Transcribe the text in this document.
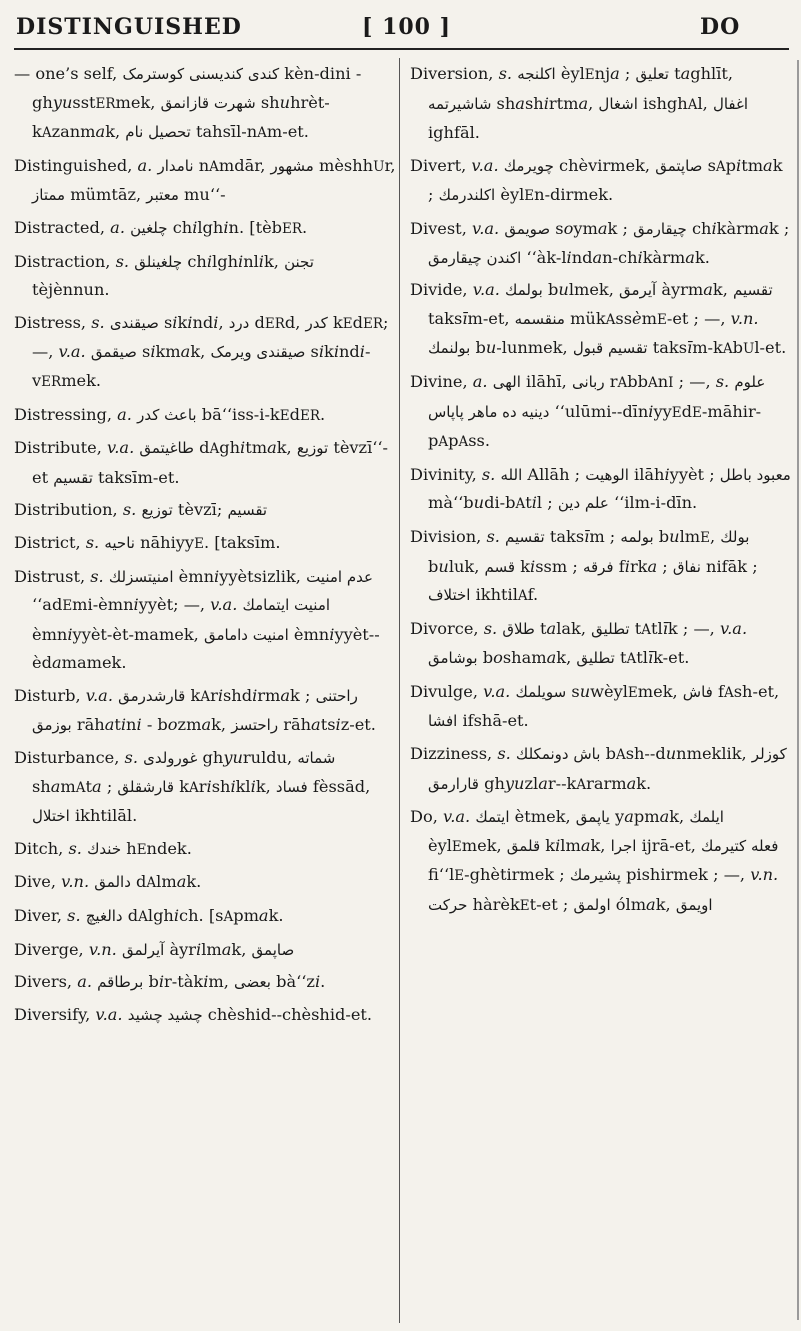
DISTINGUISHED	[ 100 ]	DO

— one’s self, کندی کندیسنی کوسترمک kèn-dini - ghyusstERmek, شهرت قازانمق shuhrèt-kAzanmak, تحصیل نام tahsīl-nAm-et.

Distinguished, a. نامدار nAmdār, مشهور mèshhUr, ممتاز mümtāz, معتبر mu‘‘-

Distracted, a. چلغین chilghin. [tèbER.

Distraction, s. چلغینلق chilghinlik, تجنن tèjènnun.

Distress, s. صیقندی sikindi, درد dERd, کدر kEdER; —, v.a. صیقمق sikmak, صیقندی ویرمک sikindi-vERmek.

Distressing, a. باعث کدر bā‘‘iss-i-kEdER.

Distribute, v.a. طاغیتمق dAghitmak, توزیع tèvzī‘‘-et تقسیم taksīm-et.

Distribution, s. توزیع tèvzī; تقسیم

District, s. ناحیه nāhiyyE. [taksīm.

Distrust, s. امنیتسزلك èmniyyètsizlik, عدم امنیت ‘‘adEmi-èmniyyèt; —, v.a. امنیت ایتمامك èmniyyèt-èt-mamek, امنیت دامامق èmniyyèt--èdamamek.

Disturb, v.a. قارشدرمق kArishdirmak ; راحتنی بوزمق rāhatini - bozmak, راحتسز rāhatsiz-et.

Disturbance, s. غورولدی ghyuruldu, شماته shamAta ; قارشقلق kArishiklik, فساد fèssād, اختلال ikhtilāl.

Ditch, s. خندك hEndek.

Dive, v.n. دالمق dAlmak.

Diver, s. دالغیچ dAlghich. [sApmak.

Diverge, v.n. آیرلمق àyrilmak, صاپمق

Divers, a. برطاقم bir-tàkim, بعضی bà‘‘zi.

Diversify, v.a. چشید چشید chèshid--chèshid-et.

Diversion, s. اکلنجه èylEnja ; تعلیق taghlīt, شاشیرتمه shashirtma, اشغال ishghAl, اغفال ighfāl.

Divert, v.a. چویرمك chèvirmek, صاپتمق sApitmak ; اکلندرمك èylEn-dirmek.

Divest, v.a. صویمق soymak ; چیقارمق chikàrmak ; اکندن چیقارمق ‘‘àk-lindan-chikàrmak.

Divide, v.a. بولمك bulmek, آیرمق àyrmak, تقسیم taksīm-et, منقسمه mükAssèmE-et ; —, v.n. بولنمك bu-lunmek, تقسیم قبول taksīm-kAbUl-et.

Divine, a. الهی ilāhī, ربانی rAbbAnI ; —, s. علوم دینیه ده ماهر پاپاس ‘‘ulūmi--dīniyyEdE-māhir-pApAss.

Divinity, s. الله Allāh ; الوهیت ilāhiyyèt ; معبود باطل mà‘‘budi-bAtil ; علم دین ‘‘ilm-i-dīn.

Division, s. تقسیم taksīm ; بولمه bulmE, بولك buluk, قسم kissm ; فرقه firka ; نفاق nifāk ; اختلاف ikhtilAf.

Divorce, s. طلاق talak, تطلیق tAtlīk ; —, v.a. بوشامق boshamak, تطلیق tAtlīk-et.

Divulge, v.a. سویلمك suwèylEmek, فاش fAsh-et, افشا ifshā-et.

Dizziness, s. باش دونمكلك bAsh--dunmeklik, کوزلر قارارمق ghyuzlar--kArarmak.

Do, v.a. ایتمك ètmek, یاپمق yapmak, ایلمك èylEmek, قلمق kilmak, اجرا ijrā-et, فعله کتیرمك fi‘‘lE-ghètirmek ; پشیرمك pishirmek ; —, v.n. حرکت hàrèkEt-et ; اولمق ólmak, اویمق
